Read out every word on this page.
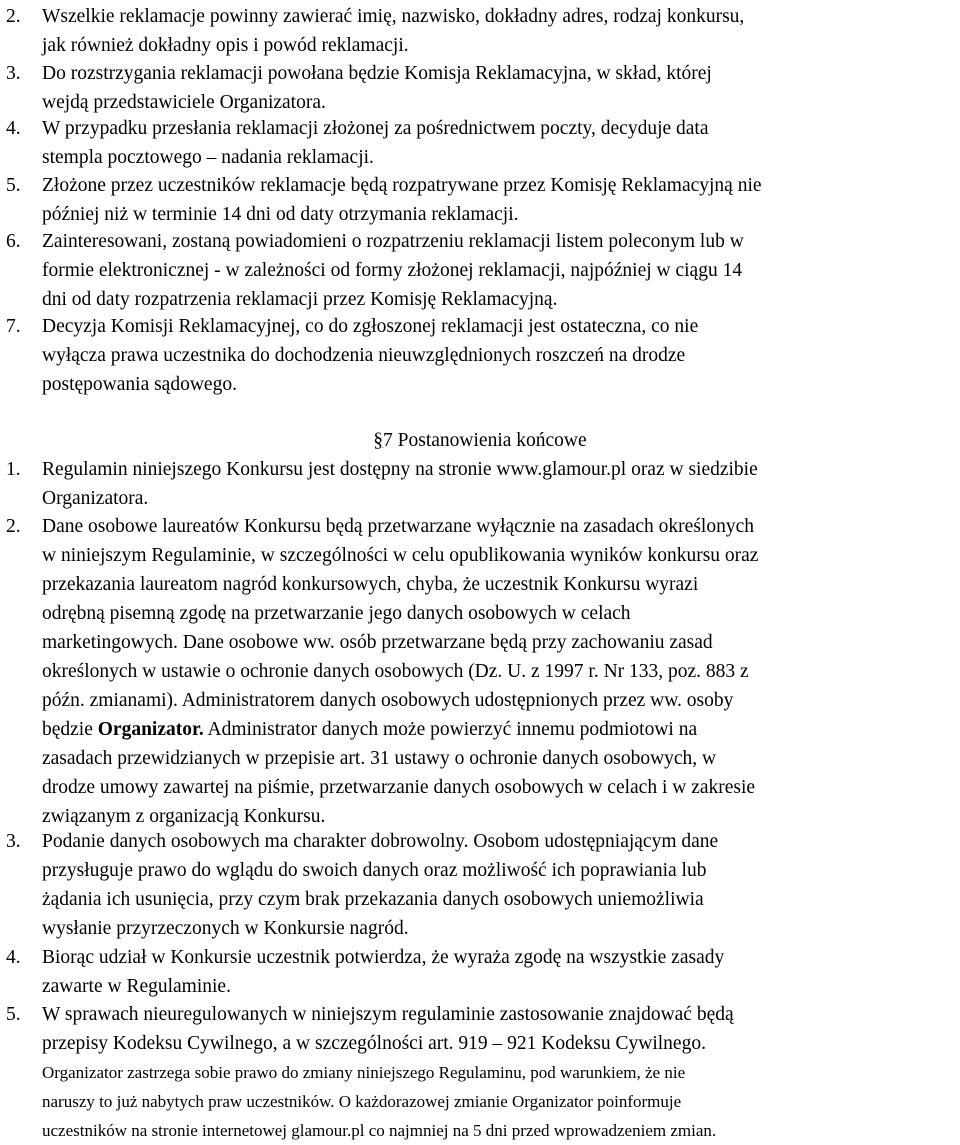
2. Wszelkie reklamacje powinny zawierać imię, nazwisko, dokładny adres, rodzaj konkursu,
jak również dokładny opis i powód reklamacji.
3. Do rozstrzygania reklamacji powołana będzie Komisja Reklamacyjna, w skład, której
wejdą przedstawiciele Organizatora.
4. W przypadku przesłania reklamacji złożonej za pośrednictwem poczty, decyduje data
stempla pocztowego – nadania reklamacji.
5. Złożone przez uczestników reklamacje będą rozpatrywane przez Komisję Reklamacyjną nie
później niż w terminie 14 dni od daty otrzymania reklamacji.
6. Zainteresowani, zostaną powiadomieni o rozpatrzeniu reklamacji listem poleconym lub w
formie elektronicznej - w zależności od formy złożonej reklamacji, najpóźniej w ciągu 14
dni od daty rozpatrzenia reklamacji przez Komisję Reklamacyjną.
7. Decyzja Komisji Reklamacyjnej, co do zgłoszonej reklamacji jest ostateczna, co nie
wyłącza prawa uczestnika do dochodzenia nieuwzględnionych roszczeń na drodze
postępowania sądowego.
§7 Postanowienia końcowe
1. Regulamin niniejszego Konkursu jest dostępny na stronie www.glamour.pl oraz w siedzibie
Organizatora.
2. Dane osobowe laureatów Konkursu będą przetwarzane wyłącznie na zasadach określonych
w niniejszym Regulaminie, w szczególności w celu opublikowania wyników konkursu oraz
przekazania laureatom nagród konkursowych, chyba, że uczestnik Konkursu wyrazi
odrębną pisemną zgodę na przetwarzanie jego danych osobowych w celach
marketingowych. Dane osobowe ww. osób przetwarzane będą przy zachowaniu zasad
określonych w ustawie o ochronie danych osobowych (Dz. U. z 1997 r. Nr 133, poz. 883 z
późn. zmianami). Administratorem danych osobowych udostępnionych przez ww. osoby
będzie Organizator. Administrator danych może powierzyć innemu podmiotowi na
zasadach przewidzianych w przepisie art. 31 ustawy o ochronie danych osobowych, w
drodze umowy zawartej na piśmie, przetwarzanie danych osobowych w celach i w zakresie
związanym z organizacją Konkursu.
3. Podanie danych osobowych ma charakter dobrowolny. Osobom udostępniającym dane
przysługuje prawo do wglądu do swoich danych oraz możliwość ich poprawiania lub
żądania ich usunięcia, przy czym brak przekazania danych osobowych uniemożliwia
wysłanie przyrzeczonych w Konkursie nagród.
4. Biorąc udział w Konkursie uczestnik potwierdza, że wyraża zgodę na wszystkie zasady
zawarte w Regulaminie.
5. W sprawach nieuregulowanych w niniejszym regulaminie zastosowanie znajdować będą
przepisy Kodeksu Cywilnego, a w szczególności art. 919 – 921 Kodeksu Cywilnego.
Organizator zastrzega sobie prawo do zmiany niniejszego Regulaminu, pod warunkiem, że nie
naruszy to już nabytych praw uczestników. O każdorazowej zmianie Organizator poinformuje
uczestników na stronie internetowej glamour.pl co najmniej na 5 dni przed wprowadzeniem zmian.
